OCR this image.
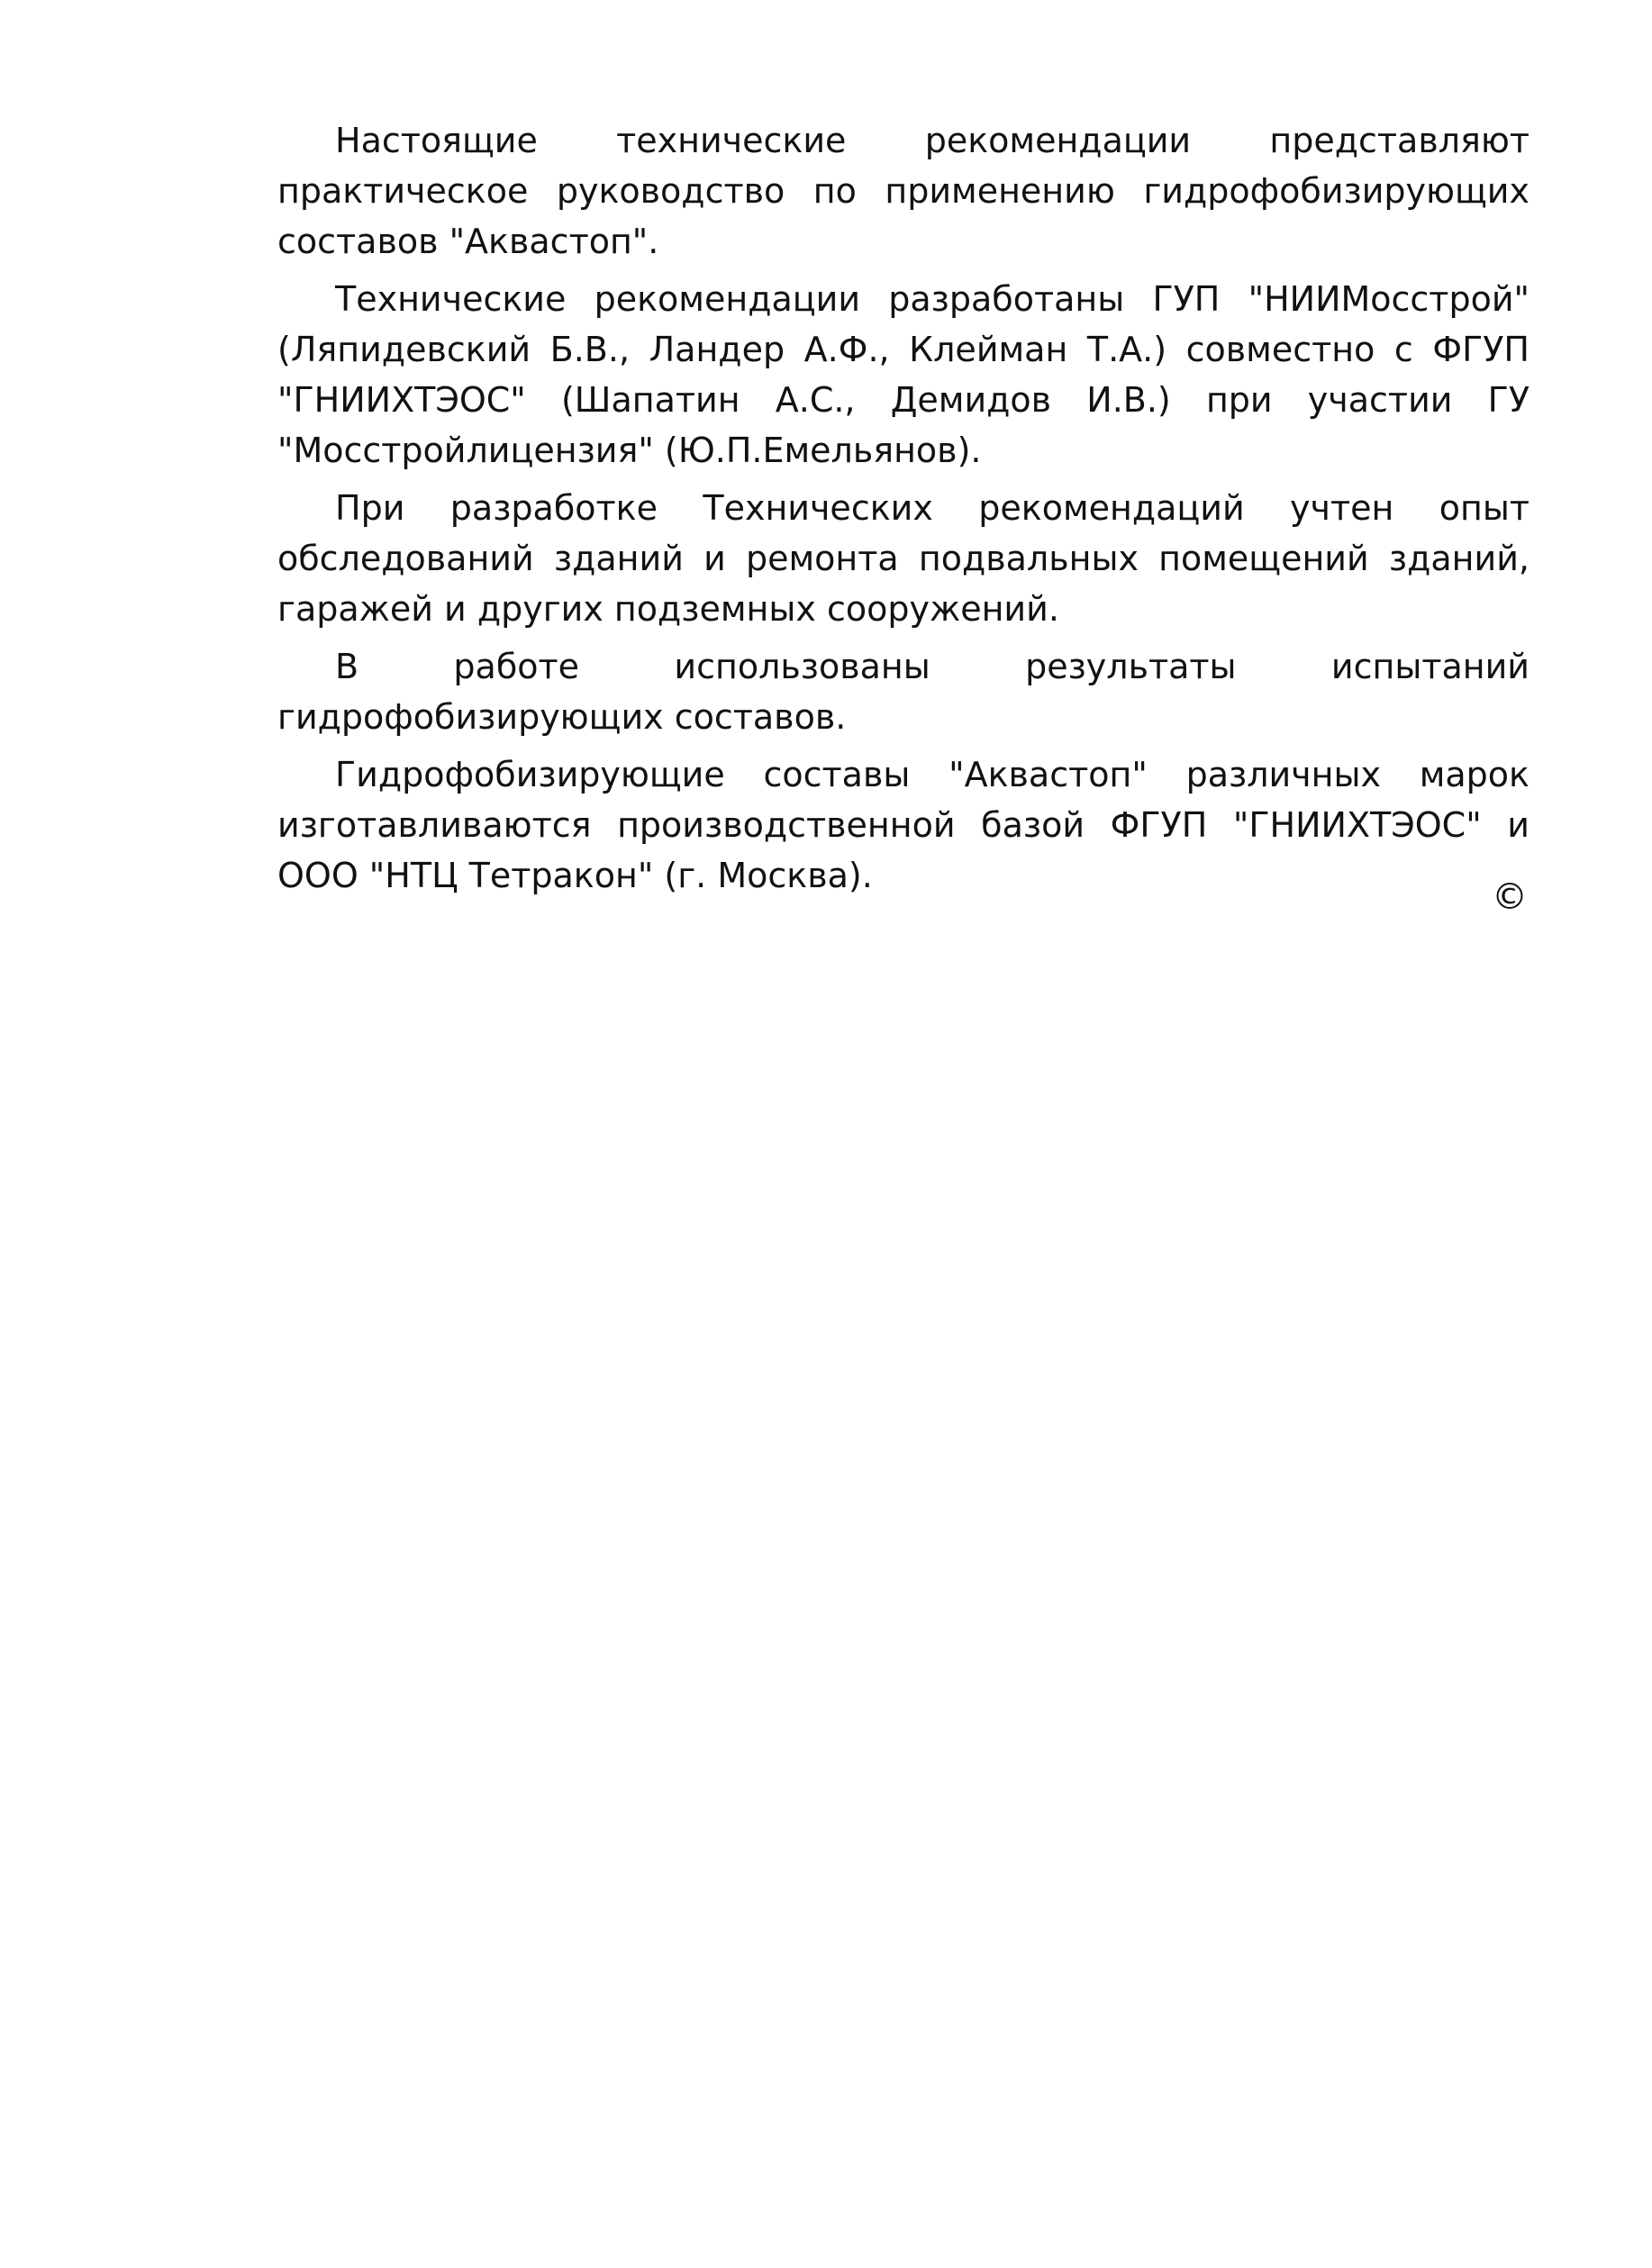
Настоящие технические рекомендации представляют практическое руководство по применению гидрофобизирующих составов "Аквастоп".

Технические рекомендации разработаны ГУП "НИИМосстрой" (Ляпидевский Б.В., Ландер А.Ф., Клейман Т.А.) совместно с ФГУП "ГНИИХТЭОС" (Шапатин А.С., Демидов И.В.) при участии ГУ "Мосстройлицензия" (Ю.П.Емельянов).

При разработке Технических рекомендаций учтен опыт обследований зданий и ремонта подвальных помещений зданий, гаражей и других подземных сооружений.

В работе использованы результаты испытаний гидрофобизирующих составов.

Гидрофобизирующие составы "Аквастоп" различных марок изготавливаются производственной базой ФГУП "ГНИИХТЭОС" и ООО "НТЦ Тетракон" (г. Москва).

©
